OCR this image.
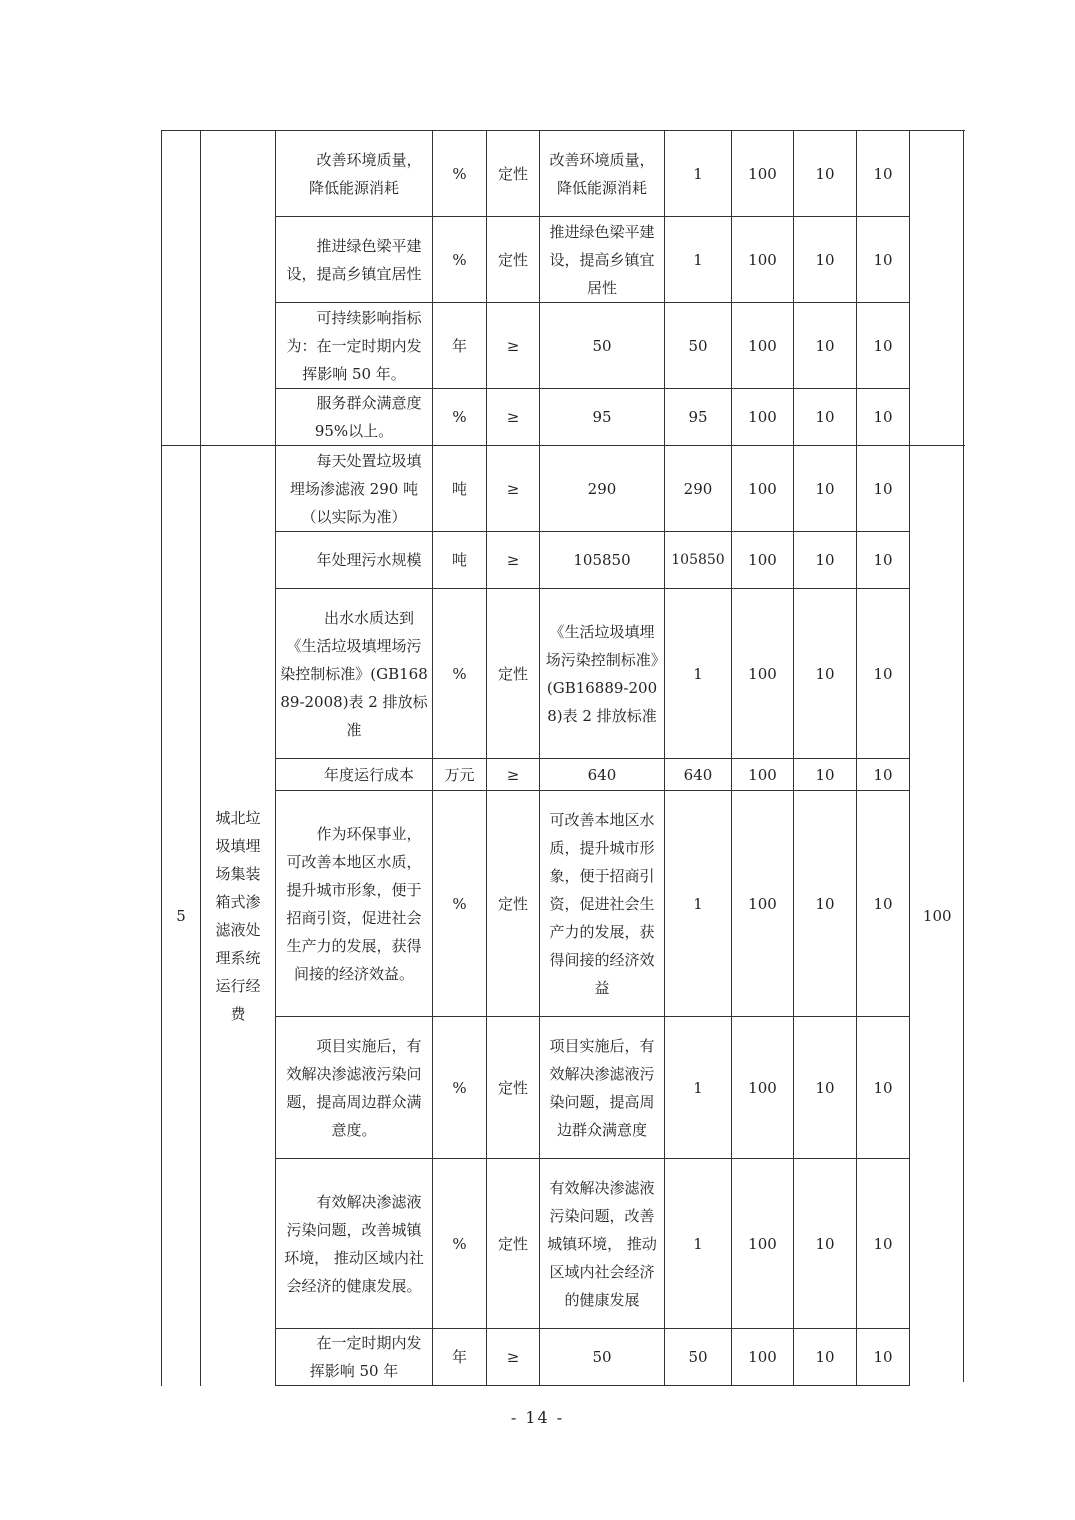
		改善环境质量，降低能源消耗	%	定性	改善环境质量，降低能源消耗	1	100	10	10	
		推进绿色梁平建设，提高乡镇宜居性	%	定性	推进绿色梁平建设，提高乡镇宜居性	1	100	10	10	
		可持续影响指标为：在一定时期内发挥影响 50 年。	年	≥	50	50	100	10	10	
		服务群众满意度 95%以上。	%	≥	95	95	100	10	10	
5	城北垃圾填埋场集装箱式渗滤液处理系统运行经费	每天处置垃圾填埋场渗滤液 290 吨（以实际为准）	吨	≥	290	290	100	10	10	100
		年处理污水规模	吨	≥	105850	105850	100	10	10	
		出水水质达到《生活垃圾填埋场污染控制标准》(GB16889-2008)表 2 排放标准	%	定性	《生活垃圾填埋场污染控制标准》(GB16889-2008)表 2 排放标准	1	100	10	10	
		年度运行成本	万元	≥	640	640	100	10	10	
		作为环保事业，可改善本地区水质，提升城市形象，便于招商引资，促进社会生产力的发展，获得间接的经济效益。	%	定性	可改善本地区水质，提升城市形象，便于招商引资，促进社会生产力的发展，获得间接的经济效益	1	100	10	10	
		项目实施后，有效解决渗滤液污染问题，提高周边群众满意度。	%	定性	项目实施后，有效解决渗滤液污染问题，提高周边群众满意度	1	100	10	10	
		有效解决渗滤液污染问题，改善城镇环境， 推动区域内社会经济的健康发展。	%	定性	有效解决渗滤液污染问题，改善城镇环境， 推动区域内社会经济的健康发展	1	100	10	10	
		在一定时期内发挥影响 50 年	年	≥	50	50	100	10	10	
- 14 -
